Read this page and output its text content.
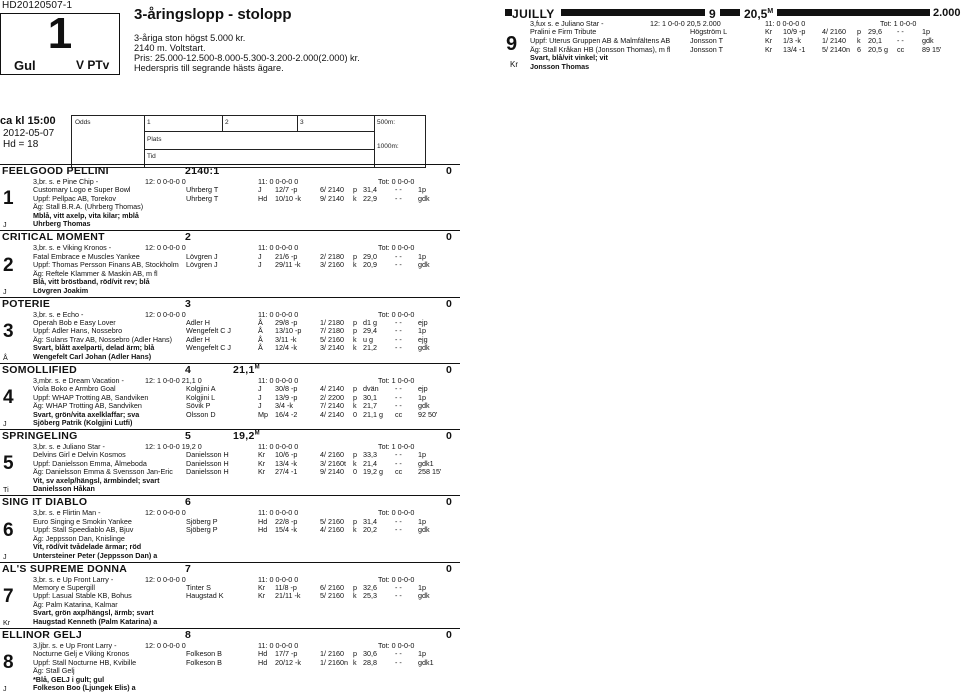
HD20120507-1
1
Gul	V PTv
3-åringslopp - stolopp
3-åriga ston högst 5.000 kr.
2140 m. Voltstart.
Pris: 25.000-12.500-8.000-5.300-3.200-2.000(2.000) kr.
Hederspris till segrande hästs ägare.
JUILLY	9	$20,5^M$	2.000
3,fux s. e Juliano Star -	12: 1 0-0-0 20,5 2.000	11: 0 0-0-0 0	Tot: 1 0-0-0
9
Pralini e Firm Tribute	Högström L	Kr 10/9 -p 4/ 2160 p 29,6 - -	1p
Uppf: Uterus Gruppen AB & Malmfältens AB	Jonsson T	Kr 1/3 -k	1/ 2140 k 20,1 - -	gdk
Äg: Stall Kråkan HB (Jonsson Thomas), m fl	Jonsson T	Kr 13/4 -1 5/ 2140n 6 20,5 g ᴄᴄ 89 15'
Svart, blå/vit vinkel; vit
Kr Jonsson Thomas
ca kl 15:00
2012-05-07
Hd = 18
Odds	1	2	3	500m:
Plats
1000m:
Tid
FEELGOOD PELLINI	2140:1	0
3,br. s. e Pine Chip -	12: 0 0-0-0 0	11: 0 0-0-0 0	Tot: 0 0-0-0
Customary Logo e Super Bowl	Uhrberg T	J 12/7 -p	6/ 2140 p 31,4	- - 1p
Uppf: Pellpac AB, Torekov	Uhrberg T	Hd 10/10 -k	9/ 2140 k 22,9	- - gdk
Äg: Stall B.R.A. (Uhrberg Thomas)
Mblå, vitt axelp, vita kilar; mblå
Uhrberg Thomas
1
J
CRITICAL MOMENT	2	0
3,br. s. e Viking Kronos -	12: 0 0-0-0 0	11: 0 0-0-0 0	Tot: 0 0-0-0
Fatal Embrace e Muscles Yankee	Lövgren J	J 21/6 -p	2/ 2180 p 29,0	- - 1p
Uppf: Thomas Persson Finans AB, Stockholm Lövgren J	J 29/11 -k	3/ 2160 k 20,9	- - gdk
Äg: Reftele Klammer & Maskin AB, m fl
Blå, vitt bröstband, röd/vit rev; blå
Lövgren Joakim
2
J
POTERIE	3	0
3,br. s. e Echo -	12: 0 0-0-0 0	11: 0 0-0-0 0	Tot: 0 0-0-0
Operah Bob e Easy Lover	Adler H	Å 29/8 -p	1/ 2180 p d1 g	- - ejp
Uppf: Adler Hans, Nossebro	Wengefelt C J	Å 13/10 -p	7/ 2180 p 29,4	- - 1p
Äg: Sulans Trav AB, Nossebro (Adler Hans) Adler H	Å 3/11 -k	5/ 2160 k u g	- - ejg
Svart, blått axelparti, delad ärm; blå	Wengefelt C J	Å 12/4 -k	3/ 2140 k 21,2	- - gdk
Wengefelt Carl Johan (Adler Hans)
3
Å
SOMOLLIFIED	4	$21,1^M$	0
3,mbr. s. e Dream Vacation -	12: 1 0-0-0 21,1 0	11: 0 0-0-0 0	Tot: 1 0-0-0
Viola Boko e Armbro Goal	Kolgjini A	J 30/8 -p	4/ 2140 p dvän - - ejp
Uppf: WHAP Trotting AB, Sandviken	Kolgjini L	J 13/9 -p	2/ 2200 p 30,1	- - 1p
Äg: WHAP Trotting AB, Sandviken	Sövik P	J 3/4 -k	7/ 2140 k 21,7	- - gdk
Svart, grön/vita axelklaffar; sva	Olsson D	Mp 16/4 -2	4/ 2140 0 21,1 g ᴄᴄ 92 50'
Sjöberg Patrik (Kolgjini Lutfi)
4
J
SPRINGELING	5	$19,2^M$	0
3,br. s. e Juliano Star -	12: 1 0-0-0 19,2 0	11: 0 0-0-0 0	Tot: 1 0-0-0
Delvins Girl e Delvin Kosmos	Danielsson H	Kr 10/6 -p	4/ 2160 p 33,3	- - 1p
Uppf: Danielsson Emma, Älmeboda	Danielsson H	Kr 13/4 -k	3/ 2160t k 21,4	- - gdk1
Äg: Danielsson Emma & Svensson Jan-Eric Danielsson H	Kr 27/4 -1	9/ 2140 0 19,2 g ᴄᴄ 258 15'
Vit, sv axelp/hängsl, ärmbindel; svart
Danielsson Håkan
5
Ti
SING IT DIABLO	6	0
3,br. s. e Flirtin Man -	12: 0 0-0-0 0	11: 0 0-0-0 0	Tot: 0 0-0-0
Euro Singing e Smokin Yankee	Sjöberg P	Hd 22/8 -p	5/ 2160 p 31,4	- - 1p
Uppf: Stall Speediablo AB, Bjuv	Sjöberg P	Hd 15/4 -k	4/ 2160 k 20,2	- - gdk
Äg: Jeppsson Dan, Knislinge
Vit, röd/vit tvådelade ärmar; röd
Untersteiner Peter (Jeppsson Dan) a
6
J
AL'S SUPREME DONNA	7	0
3,br. s. e Up Front Larry -	12: 0 0-0-0 0	11: 0 0-0-0 0	Tot: 0 0-0-0
Memory e Supergill	Tinter S	Kr 11/8 -p	6/ 2160 p 32,6	- - 1p
Uppf: Lasual Stable KB, Bohus	Haugstad K	Kr 21/11 -k	5/ 2160 k 25,3	- - gdk
Äg: Palm Katarina, Kalmar
Svart, grön axp/hängsl, ärmb; svart
Haugstad Kenneth (Palm Katarina) a
7
Kr
ELLINOR GELJ	8	0
3,ljbr. s. e Up Front Larry -	12: 0 0-0-0 0	11: 0 0-0-0 0	Tot: 0 0-0-0
Nocturne Gelj e Viking Kronos	Folkeson B	Hd 17/7 -p	1/ 2160 p 30,6	- - 1p
Uppf: Stall Nocturne HB, Kvibille	Folkeson B	Hd 20/12 -k	1/ 2160n k 28,8	- - gdk1
Äg: Stall Gelj
*Blå, GELJ i gult; gul
Folkeson Boo (Ljungek Elis) a
8
J
